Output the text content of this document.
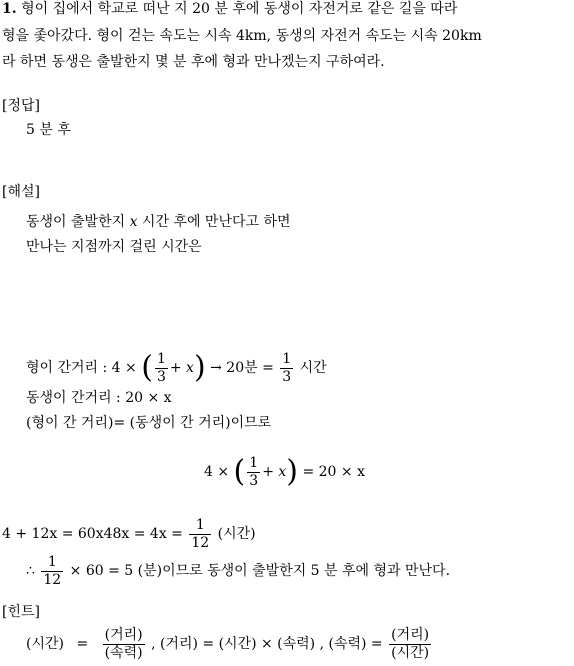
1. 형이 집에서 학교로 떠난 지 20 분 후에 동생이 자전거로 같은 길을 따라
형을 좇아갔다. 형이 걷는 속도는 시속 4km, 동생의 자전거 속도는 시속 20km
라 하면 동생은 출발한지 몇 분 후에 형과 만나겠는지 구하여라.
[정답]
5 분 후
[해설]
동생이 출발한지 x 시간 후에 만난다고 하면
만나는 지점까지 걸린 시간은
형이 간거리 : 4 × ( $\frac{1}{3} + x) \to 20$분 = $\frac{1}{3}$ 시간
동생이 간거리 : 20 × x
(형이 간 거리)= (동생이 간 거리)이므로
4 × ( $\frac{1}{3} + x) = 20 \times x$
$4 + 12x = 60x48x = 4x = \frac{1}{12}$ (시간)
∴ $\frac{1}{12} \times 60 = 5$ (분)이므로 동생이 출발한지 5 분 후에 형과 만난다.
[힌트]
(시간) = $\frac{\text{(거리)}}{\text{(속력)}}$ , (거리) = (시간) × (속력) , (속력) = $\frac{\text{(거리)}}{\text{(시간)}}$
